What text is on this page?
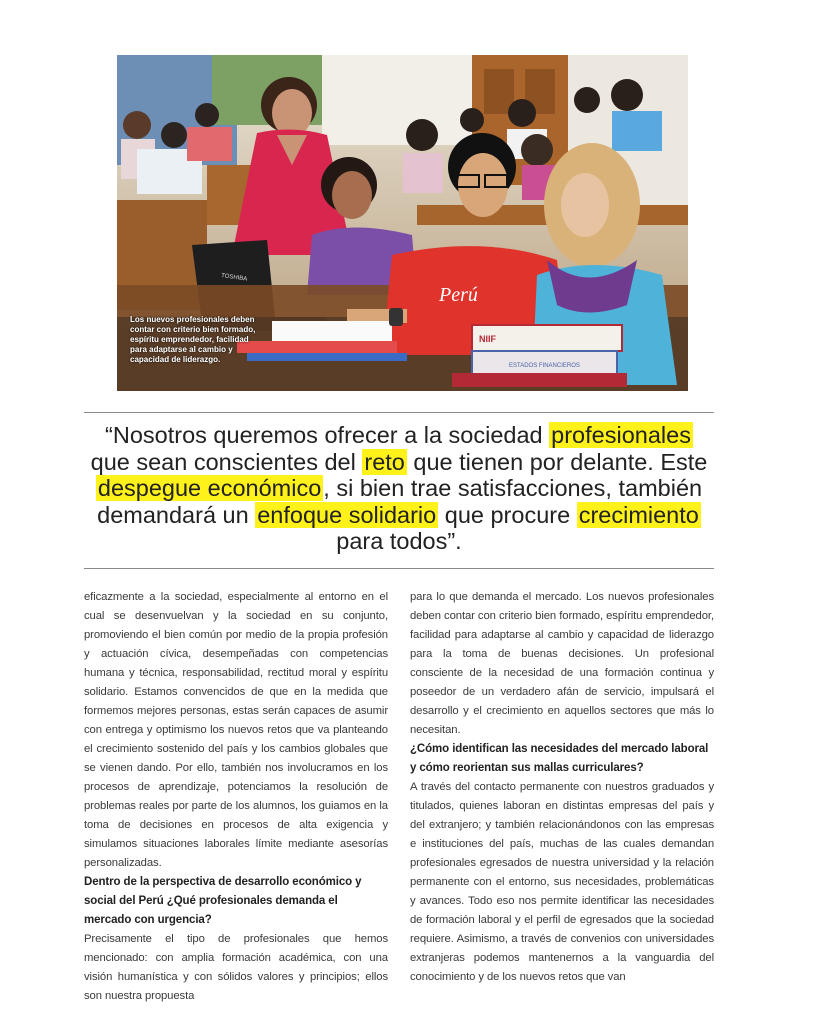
TOSHIBA
Perú
NIIF
ESTADOS FINANCIEROS
Los nuevos profesionales deben contar con criterio bien formado, espíritu emprendedor, facilidad para adaptarse al cambio y capacidad de liderazgo.
“Nosotros queremos ofrecer a la sociedad profesionales que sean conscientes del reto que tienen por delante. Este despegue económico, si bien trae satisfacciones, también demandará un enfoque solidario que procure crecimiento para todos”.

eficazmente a la sociedad, especialmente al entorno en el cual se desenvuelvan y la sociedad en su conjunto, promoviendo el bien común por medio de la propia profesión y actuación cívica, desempeñadas con competencias humana y técnica, responsabilidad, rectitud moral y espíritu solidario. Estamos convencidos de que en la medida que formemos mejores personas, estas serán capaces de asumir con entrega y optimismo los nuevos retos que va planteando el crecimiento sostenido del país y los cambios globales que se vienen dando. Por ello, también nos involucramos en los procesos de aprendizaje, potenciamos la resolución de problemas reales por parte de los alumnos, los guiamos en la toma de decisiones en procesos de alta exigencia y simulamos situaciones laborales límite mediante asesorías personalizadas.

Dentro de la perspectiva de desarrollo económico y social del Perú ¿Qué profesionales demanda el mercado con urgencia?

Precisamente el tipo de profesionales que hemos mencionado: con amplia formación académica, con una visión humanística y con sólidos valores y principios; ellos son nuestra propuesta

para lo que demanda el mercado. Los nuevos profesionales deben contar con criterio bien formado, espíritu emprendedor, facilidad para adaptarse al cambio y capacidad de liderazgo para la toma de buenas decisiones. Un profesional consciente de la necesidad de una formación continua y poseedor de un verdadero afán de servicio, impulsará el desarrollo y el crecimiento en aquellos sectores que más lo necesitan.

¿Cómo identifican las necesidades del mercado laboral y cómo reorientan sus mallas curriculares?

A través del contacto permanente con nuestros graduados y titulados, quienes laboran en distintas empresas del país y del extranjero; y también relacionándonos con las empresas e instituciones del país, muchas de las cuales demandan profesionales egresados de nuestra universidad y la relación permanente con el entorno, sus necesidades, problemáticas y avances. Todo eso nos permite identificar las necesidades de formación laboral y el perfil de egresados que la sociedad requiere. Asimismo, a través de convenios con universidades extranjeras podemos mantenernos a la vanguardia del conocimiento y de los nuevos retos que van
